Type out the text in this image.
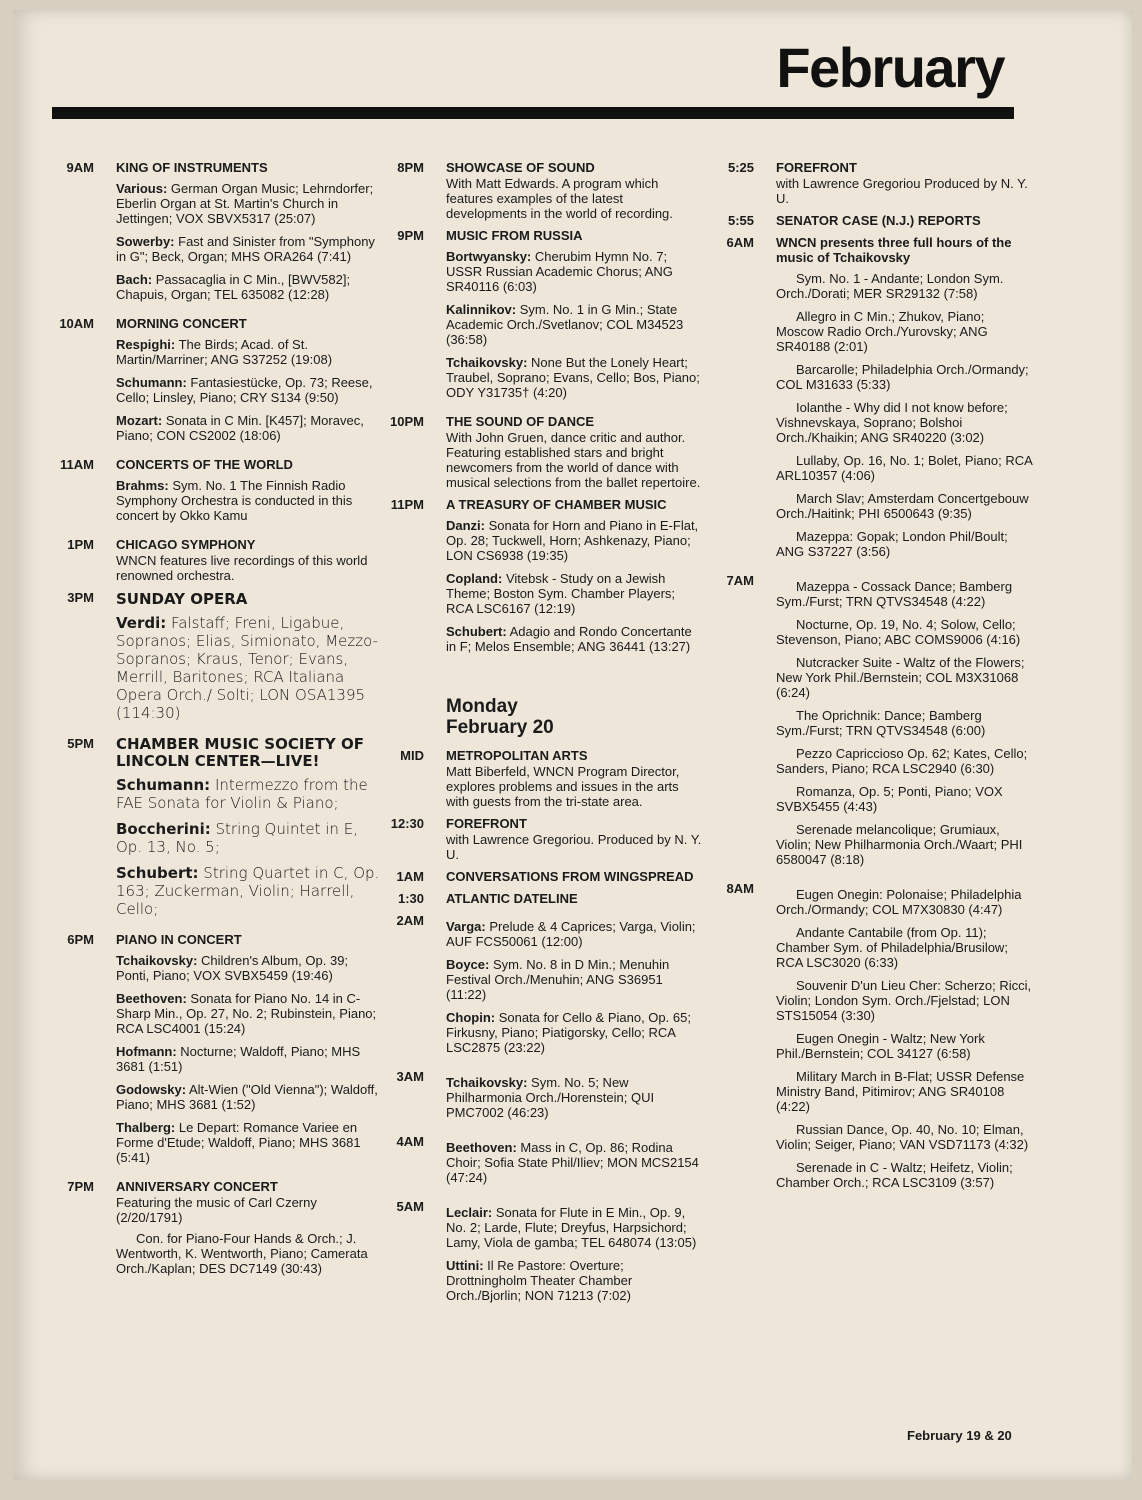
February
9AM	KING OF INSTRUMENTS
Various: German Organ Music; Lehrndorfer; Eberlin Organ at St. Martin's Church in Jettingen; VOX SBVX5317 (25:07)
Sowerby: Fast and Sinister from "Symphony in G"; Beck, Organ; MHS ORA264 (7:41)
Bach: Passacaglia in C Min., [BWV582]; Chapuis, Organ; TEL 635082 (12:28)
10AM	MORNING CONCERT
Respighi: The Birds; Acad. of St. Martin/Marriner; ANG S37252 (19:08)
Schumann: Fantasiestücke, Op. 73; Reese, Cello; Linsley, Piano; CRY S134 (9:50)
Mozart: Sonata in C Min. [K457]; Moravec, Piano; CON CS2002 (18:06)
11AM	CONCERTS OF THE WORLD
Brahms: Sym. No. 1 The Finnish Radio Symphony Orchestra is conducted in this concert by Okko Kamu
1PM	CHICAGO SYMPHONY
WNCN features live recordings of this world renowned orchestra.
3PM	SUNDAY OPERA
Verdi: Falstaff; Freni, Ligabue, Sopranos; Elias, Simionato, Mezzo-Sopranos; Kraus, Tenor; Evans, Merrill, Baritones; RCA Italiana Opera Orch./ Solti; LON OSA1395 (114:30)
5PM	CHAMBER MUSIC SOCIETY OF LINCOLN CENTER—LIVE!
Schumann: Intermezzo from the FAE Sonata for Violin & Piano;
Boccherini: String Quintet in E, Op. 13, No. 5;
Schubert: String Quartet in C, Op. 163; Zuckerman, Violin; Harrell, Cello;
6PM	PIANO IN CONCERT
Tchaikovsky: Children's Album, Op. 39; Ponti, Piano; VOX SVBX5459 (19:46)
Beethoven: Sonata for Piano No. 14 in C-Sharp Min., Op. 27, No. 2; Rubinstein, Piano; RCA LSC4001 (15:24)
Hofmann: Nocturne; Waldoff, Piano; MHS 3681 (1:51)
Godowsky: Alt-Wien ("Old Vienna"); Waldoff, Piano; MHS 3681 (1:52)
Thalberg: Le Depart: Romance Variee en Forme d'Etude; Waldoff, Piano; MHS 3681 (5:41)
7PM	ANNIVERSARY CONCERT
Featuring the music of Carl Czerny (2/20/1791)
Con. for Piano-Four Hands & Orch.; J. Wentworth, K. Wentworth, Piano; Camerata Orch./Kaplan; DES DC7149 (30:43)
8PM	SHOWCASE OF SOUND
With Matt Edwards. A program which features examples of the latest developments in the world of recording.
9PM	MUSIC FROM RUSSIA
Bortwyansky: Cherubim Hymn No. 7; USSR Russian Academic Chorus; ANG SR40116 (6:03)
Kalinnikov: Sym. No. 1 in G Min.; State Academic Orch./Svetlanov; COL M34523 (36:58)
Tchaikovsky: None But the Lonely Heart; Traubel, Soprano; Evans, Cello; Bos, Piano; ODY Y31735† (4:20)
10PM	THE SOUND OF DANCE
With John Gruen, dance critic and author. Featuring established stars and bright newcomers from the world of dance with musical selections from the ballet repertoire.
11PM	A TREASURY OF CHAMBER MUSIC
Danzi: Sonata for Horn and Piano in E-Flat, Op. 28; Tuckwell, Horn; Ashkenazy, Piano; LON CS6938 (19:35)
Copland: Vitebsk - Study on a Jewish Theme; Boston Sym. Chamber Players; RCA LSC6167 (12:19)
Schubert: Adagio and Rondo Concertante in F; Melos Ensemble; ANG 36441 (13:27)
Monday
February 20
MID	METROPOLITAN ARTS
Matt Biberfeld, WNCN Program Director, explores problems and issues in the arts with guests from the tri-state area.
12:30	FOREFRONT
with Lawrence Gregoriou. Produced by N. Y. U.
1AM	CONVERSATIONS FROM WINGSPREAD
1:30	ATLANTIC DATELINE
2AM	Varga: Prelude & 4 Caprices; Varga, Violin; AUF FCS50061 (12:00)
Boyce: Sym. No. 8 in D Min.; Menuhin Festival Orch./Menuhin; ANG S36951 (11:22)
Chopin: Sonata for Cello & Piano, Op. 65; Firkusny, Piano; Piatigorsky, Cello; RCA LSC2875 (23:22)
3AM	Tchaikovsky: Sym. No. 5; New Philharmonia Orch./Horenstein; QUI PMC7002 (46:23)
4AM	Beethoven: Mass in C, Op. 86; Rodina Choir; Sofia State Phil/Iliev; MON MCS2154 (47:24)
5AM	Leclair: Sonata for Flute in E Min., Op. 9, No. 2; Larde, Flute; Dreyfus, Harpsichord; Lamy, Viola de gamba; TEL 648074 (13:05)
Uttini: Il Re Pastore: Overture; Drottningholm Theater Chamber Orch./Bjorlin; NON 71213 (7:02)
5:25	FOREFRONT
with Lawrence Gregoriou Produced by N. Y. U.
5:55	SENATOR CASE (N.J.) REPORTS
6AM	WNCN presents three full hours of the music of Tchaikovsky
Sym. No. 1 - Andante; London Sym. Orch./Dorati; MER SR29132 (7:58)
Allegro in C Min.; Zhukov, Piano; Moscow Radio Orch./Yurovsky; ANG SR40188 (2:01)
Barcarolle; Philadelphia Orch./Ormandy; COL M31633 (5:33)
Iolanthe - Why did I not know before; Vishnevskaya, Soprano; Bolshoi Orch./Khaikin; ANG SR40220 (3:02)
Lullaby, Op. 16, No. 1; Bolet, Piano; RCA ARL10357 (4:06)
March Slav; Amsterdam Concertgebouw Orch./Haitink; PHI 6500643 (9:35)
Mazeppa: Gopak; London Phil/Boult; ANG S37227 (3:56)
7AM	Mazeppa - Cossack Dance; Bamberg Sym./Furst; TRN QTVS34548 (4:22)
Nocturne, Op. 19, No. 4; Solow, Cello; Stevenson, Piano; ABC COMS9006 (4:16)
Nutcracker Suite - Waltz of the Flowers; New York Phil./Bernstein; COL M3X31068 (6:24)
The Oprichnik: Dance; Bamberg Sym./Furst; TRN QTVS34548 (6:00)
Pezzo Capriccioso Op. 62; Kates, Cello; Sanders, Piano; RCA LSC2940 (6:30)
Romanza, Op. 5; Ponti, Piano; VOX SVBX5455 (4:43)
Serenade melancolique; Grumiaux, Violin; New Philharmonia Orch./Waart; PHI 6580047 (8:18)
8AM	Eugen Onegin: Polonaise; Philadelphia Orch./Ormandy; COL M7X30830 (4:47)
Andante Cantabile (from Op. 11); Chamber Sym. of Philadelphia/Brusilow; RCA LSC3020 (6:33)
Souvenir D'un Lieu Cher: Scherzo; Ricci, Violin; London Sym. Orch./Fjelstad; LON STS15054 (3:30)
Eugen Onegin - Waltz; New York Phil./Bernstein; COL 34127 (6:58)
Military March in B-Flat; USSR Defense Ministry Band, Pitimirov; ANG SR40108 (4:22)
Russian Dance, Op. 40, No. 10; Elman, Violin; Seiger, Piano; VAN VSD71173 (4:32)
Serenade in C - Waltz; Heifetz, Violin; Chamber Orch.; RCA LSC3109 (3:57)
February 19 & 20
